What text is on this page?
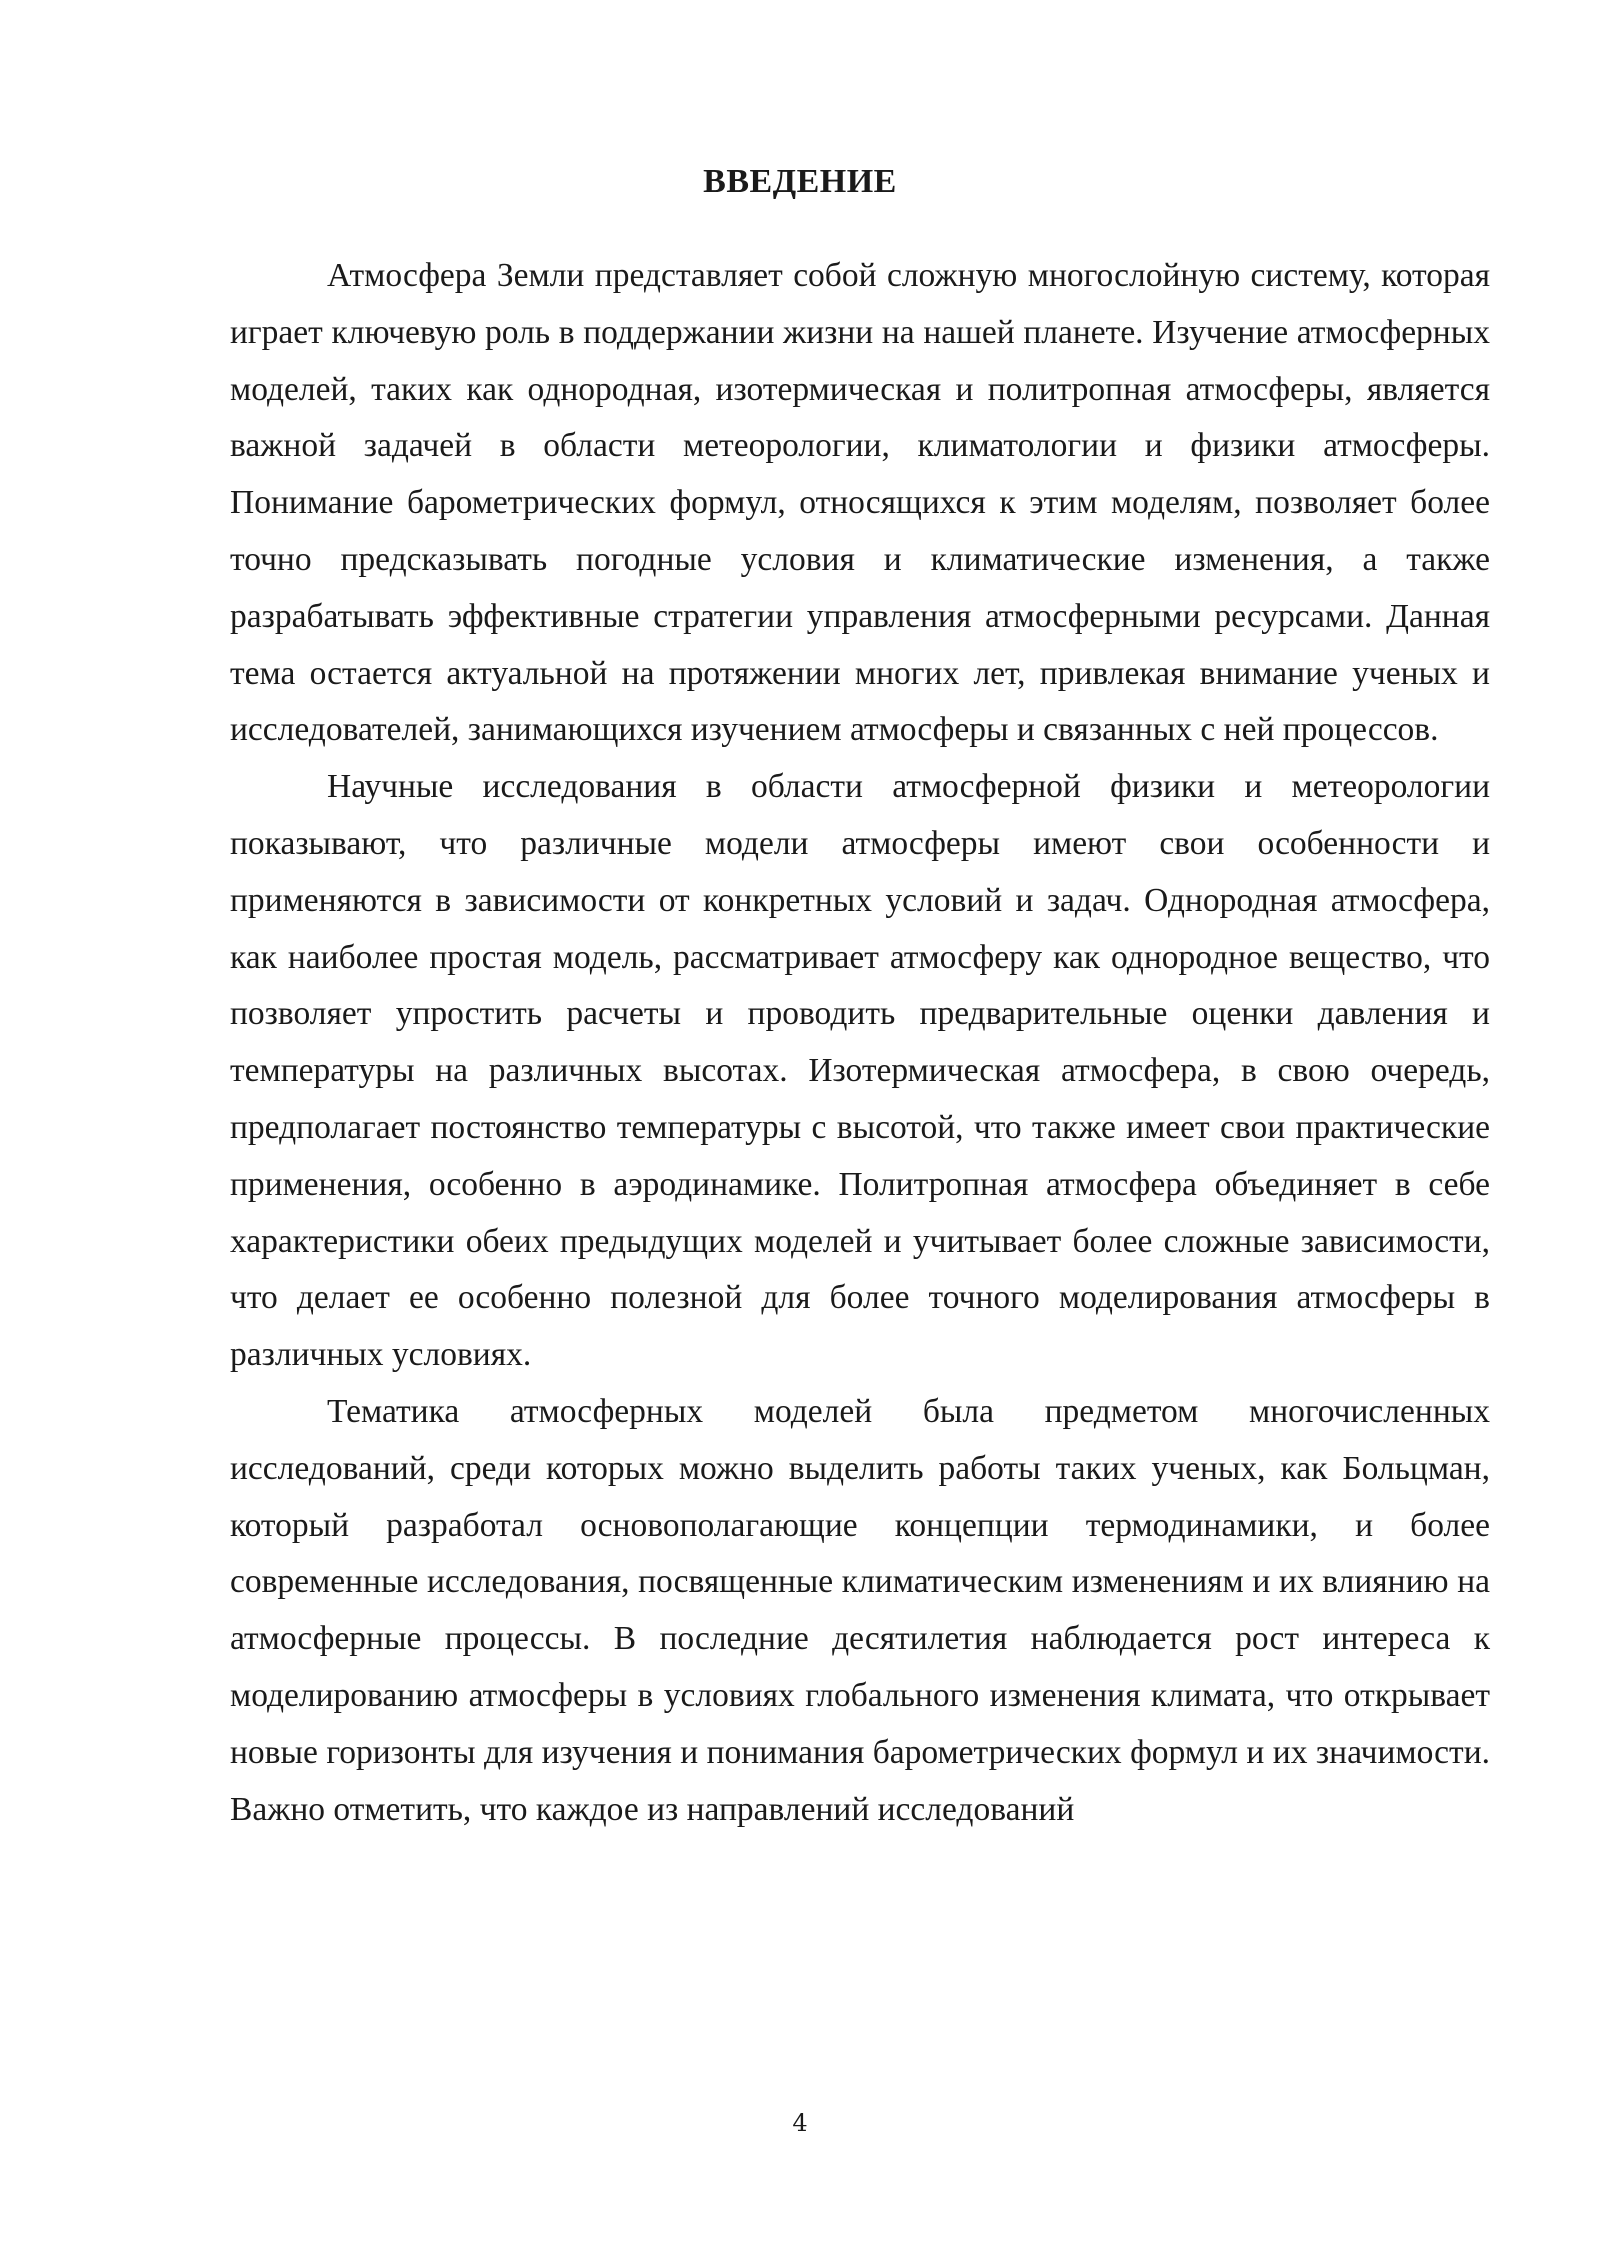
ВВЕДЕНИЕ

Атмосфера Земли представляет собой сложную многослойную систему, которая играет ключевую роль в поддержании жизни на нашей планете. Изучение атмосферных моделей, таких как однородная, изотермическая и политропная атмосферы, является важной задачей в области метеорологии, климатологии и физики атмосферы. Понимание барометрических формул, относящихся к этим моделям, позволяет более точно предсказывать погодные условия и климатические изменения, а также разрабатывать эффективные стратегии управления атмосферными ресурсами. Данная тема остается актуальной на протяжении многих лет, привлекая внимание ученых и исследователей, занимающихся изучением атмосферы и связанных с ней процессов.

Научные исследования в области атмосферной физики и метеорологии показывают, что различные модели атмосферы имеют свои особенности и применяются в зависимости от конкретных условий и задач. Однородная атмосфера, как наиболее простая модель, рассматривает атмосферу как однородное вещество, что позволяет упростить расчеты и проводить предварительные оценки давления и температуры на различных высотах. Изотермическая атмосфера, в свою очередь, предполагает постоянство температуры с высотой, что также имеет свои практические применения, особенно в аэродинамике. Политропная атмосфера объединяет в себе характеристики обеих предыдущих моделей и учитывает более сложные зависимости, что делает ее особенно полезной для более точного моделирования атмосферы в различных условиях.

Тематика атмосферных моделей была предметом многочисленных исследований, среди которых можно выделить работы таких ученых, как Больцман, который разработал основополагающие концепции термодинамики, и более современные исследования, посвященные климатическим изменениям и их влиянию на атмосферные процессы. В последние десятилетия наблюдается рост интереса к моделированию атмосферы в условиях глобального изменения климата, что открывает новые горизонты для изучения и понимания барометрических формул и их значимости. Важно отметить, что каждое из направлений исследований

4
